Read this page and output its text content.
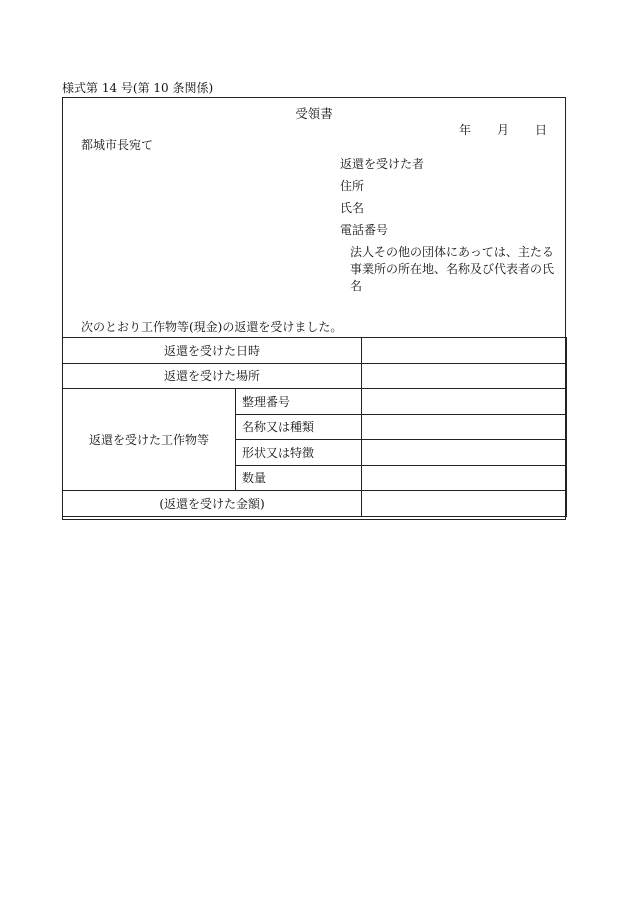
様式第 14 号(第 10 条関係)
受領書
年 月 日
都城市長宛て
返還を受けた者
住所
氏名
電話番号
法人その他の団体にあっては、主たる事業所の所在地、名称及び代表者の氏名
次のとおり工作物等(現金)の返還を受けました。
返還を受けた日時		
返還を受けた場所		
返還を受けた工作物等	整理番号	
	名称又は種類	
	形状又は特徴	
	数量	
(返還を受けた金額)		
